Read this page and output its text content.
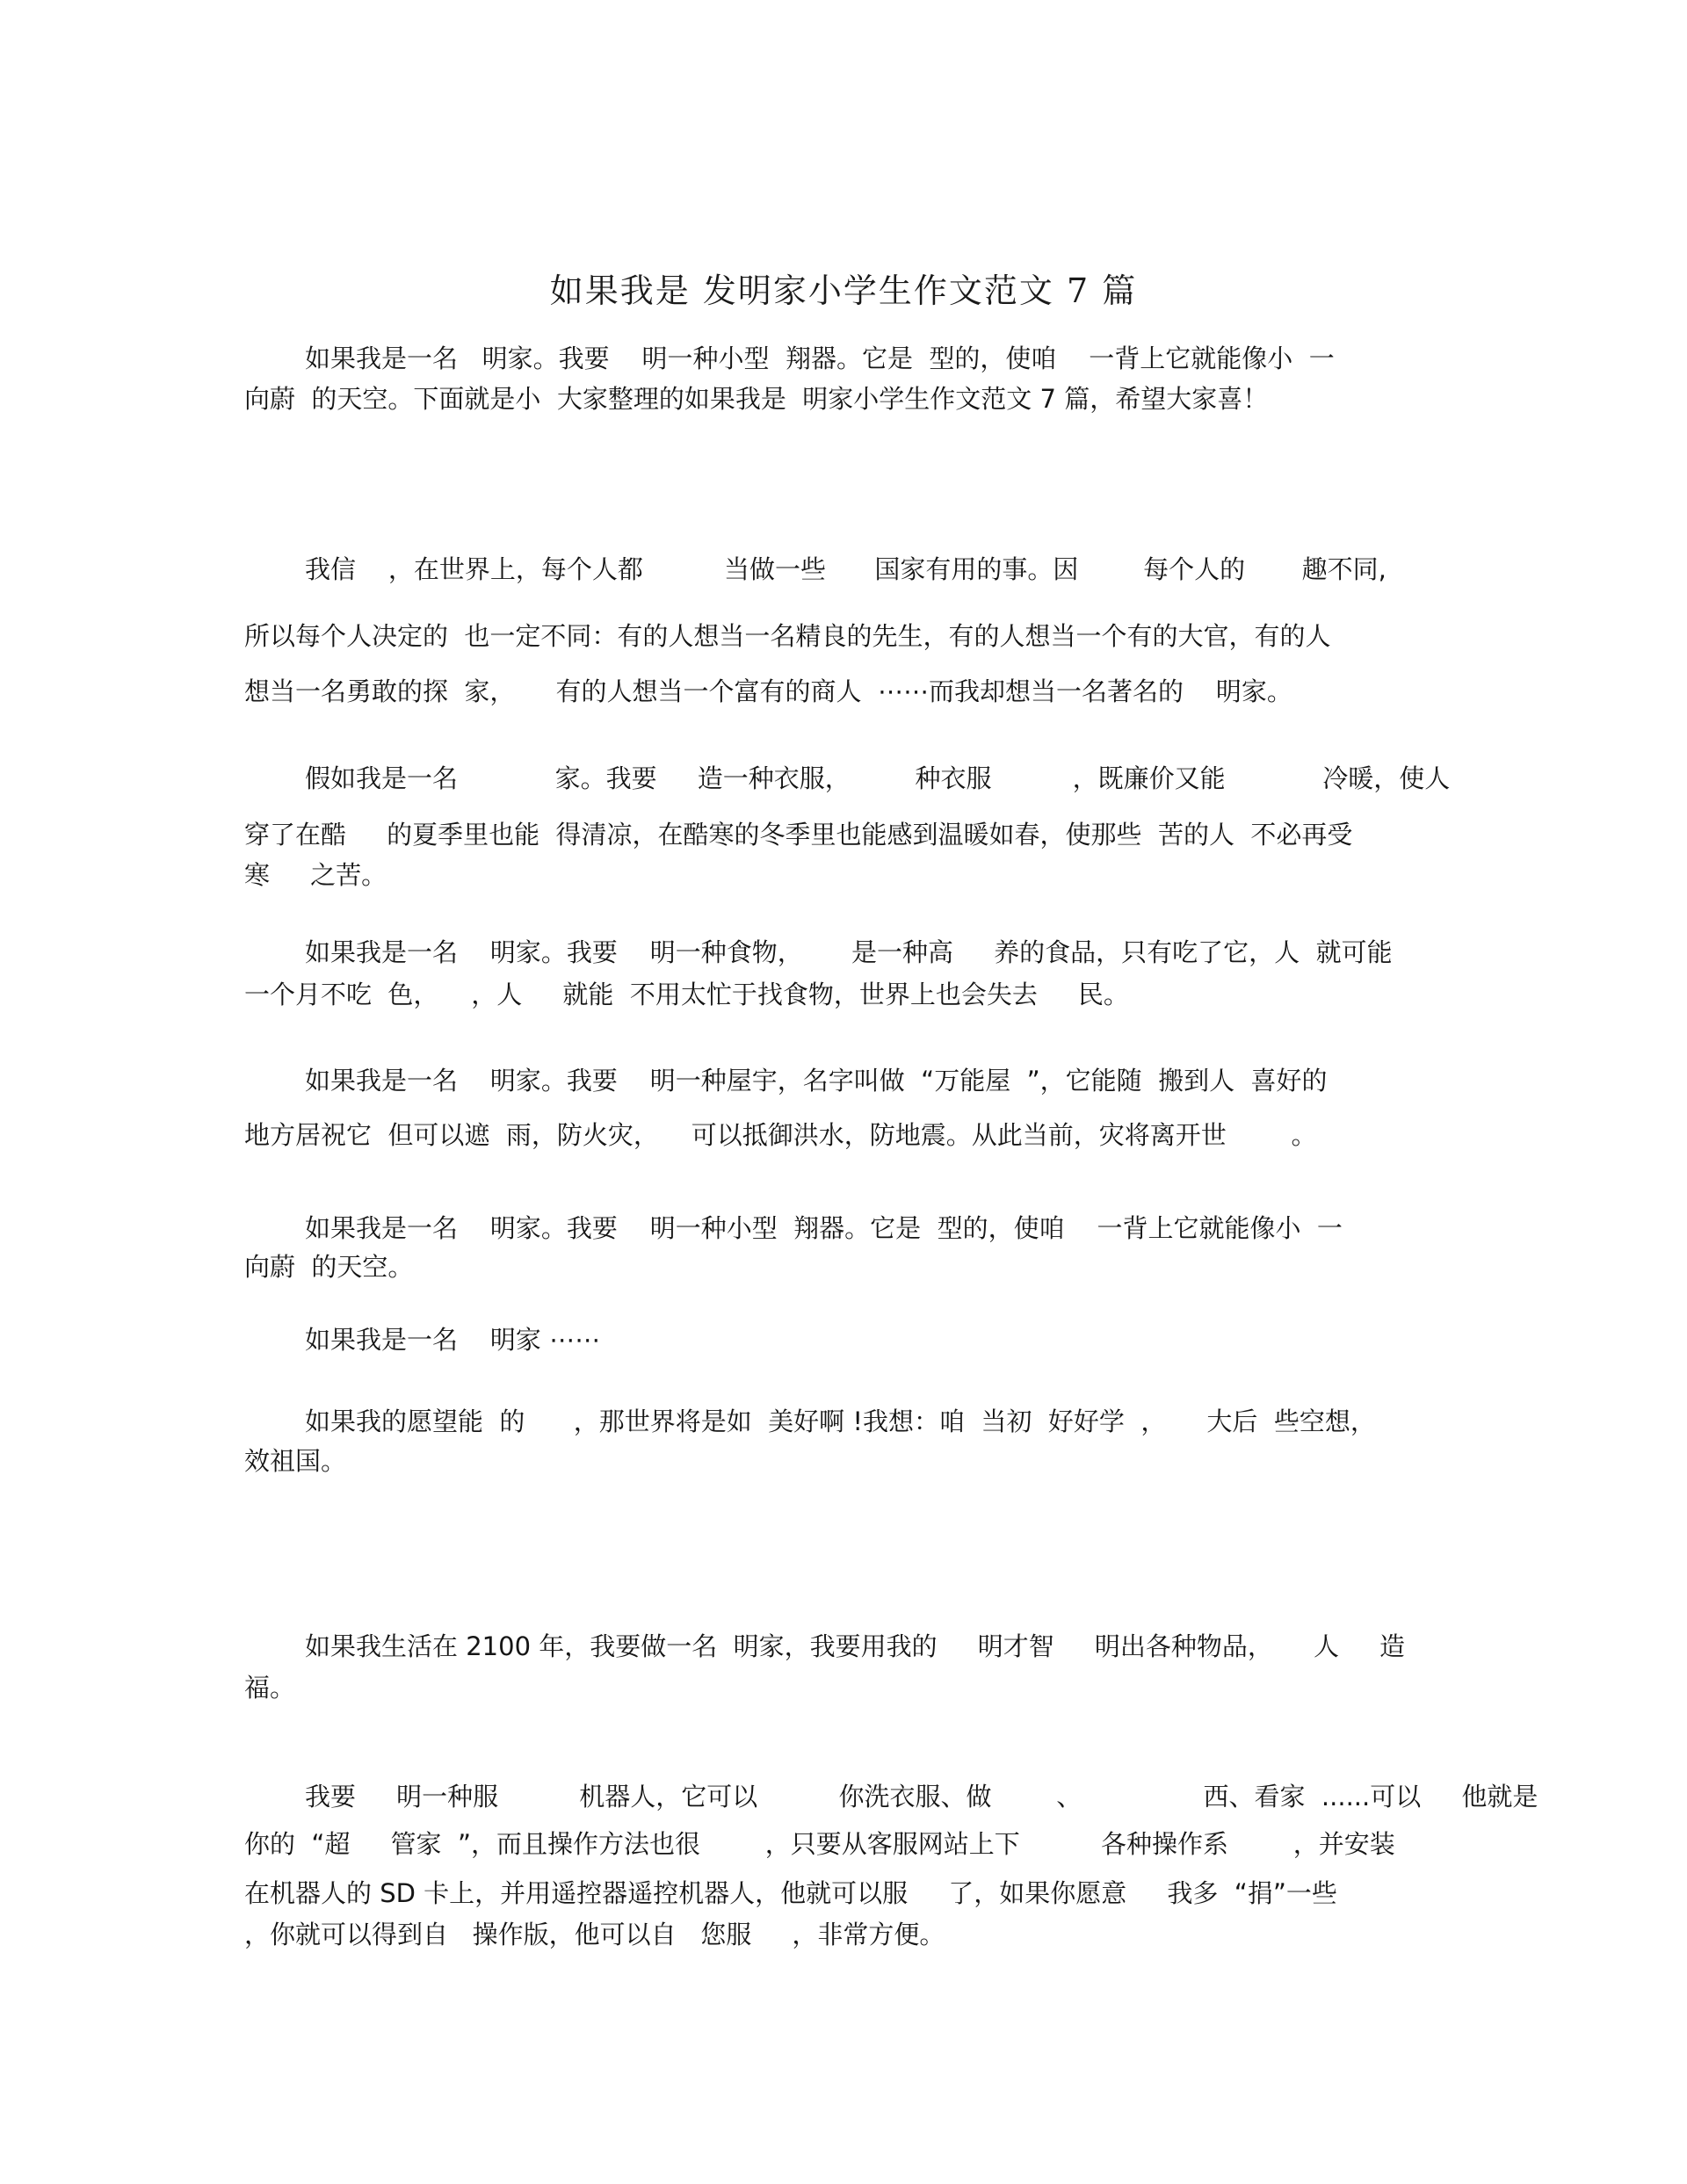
如果我是 发明家小学生作文范文 7 篇
如果我是一名   明家。我要    明一种小型  翔器。它是  型的，使咱    一背上它就能像小  一
向蔚  的天空。下面就是小  大家整理的如果我是  明家小学生作文范文 7 篇，希望大家喜！
我信    ，在世界上，每个人都          当做一些      国家有用的事。因        每个人的       趣不同,
所以每个人决定的  也一定不同：有的人想当一名精良的先生，有的人想当一个有的大官，有的人
想当一名勇敢的探  家，     有的人想当一个富有的商人  ⋯⋯而我却想当一名著名的    明家。
假如我是一名            家。我要     造一种衣服，        种衣服          ，既廉价又能            冷暖，使人
穿了在酷     的夏季里也能  得清凉，在酷寒的冬季里也能感到温暖如春，使那些  苦的人  不必再受
寒     之苦。
如果我是一名    明家。我要    明一种食物，      是一种高     养的食品，只有吃了它，人  就可能
一个月不吃  色，    ，人     就能  不用太忙于找食物，世界上也会失去     民。
如果我是一名    明家。我要    明一种屋宇，名字叫做  “万能屋  ”，它能随  搬到人  喜好的
地方居祝它  但可以遮  雨，防火灾，    可以抵御洪水，防地震。从此当前，灾将离开世        。
如果我是一名    明家。我要    明一种小型  翔器。它是  型的，使咱    一背上它就能像小  一
向蔚  的天空。
如果我是一名    明家 ⋯⋯
如果我的愿望能  的      ，那世界将是如  美好啊 !我想：咱  当初  好好学  ，     大后  些空想，
效祖国。
如果我生活在 2100 年，我要做一名  明家，我要用我的     明才智     明出各种物品，     人     造
福。
我要     明一种服          机器人，它可以          你洗衣服、做        、               西、看家  ......可以     他就是
你的  “超     管家  ”，而且操作方法也很        ，只要从客服网站上下          各种操作系        ，并安装
在机器人的 SD 卡上，并用遥控器遥控机器人，他就可以服     了，如果你愿意     我多  “捐”一些
，你就可以得到自   操作版，他可以自   您服     ，非常方便。
